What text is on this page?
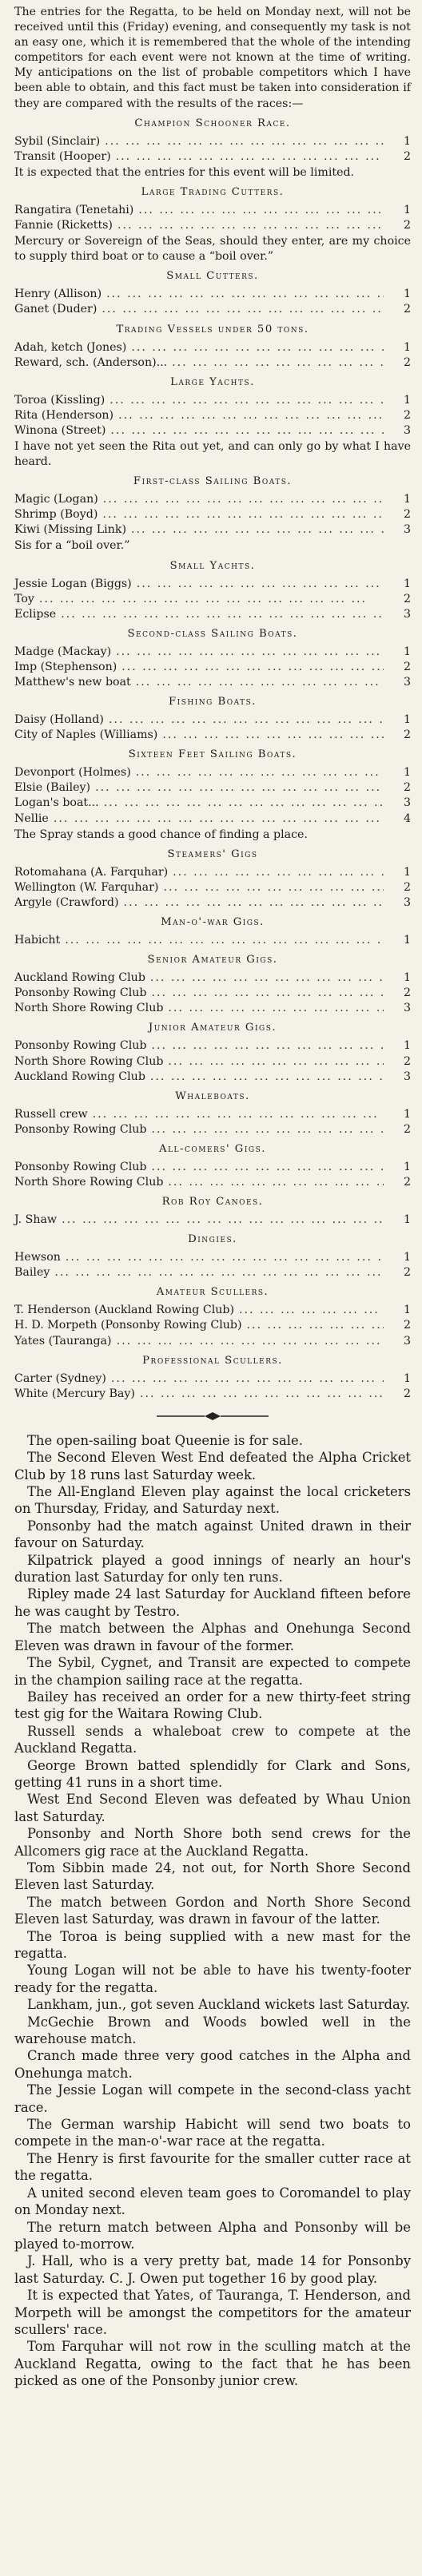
The entries for the Regatta, to be held on Monday next, will not be received until this (Friday) evening, and consequently my task is not an easy one, which it is remembered that the whole of the intending competitors for each event were not known at the time of writing. My anticipations on the list of probable competitors which I have been able to obtain, and this fact must be taken into consideration if they are compared with the results of the races:—

Champion Schooner Race.
Sybil (Sinclair) ... .	1
Transit (Hooper) ... .	2

It is expected that the entries for this event will be limited.

Large Trading Cutters.
Rangatira (Tenetahi) ... .	1
Fannie (Ricketts) ... .	2

Mercury or Sovereign of the Seas, should they enter, are my choice to supply third boat or to cause a “boil over.”

Small Cutters.
Henry (Allison) ... .	1
Ganet (Duder) ... .	2
Trading Vessels under 50 tons.
Adah, ketch (Jones) ... .	1
Reward, sch. (Anderson)... ... .	2
Large Yachts.
Toroa (Kissling) ... .	1
Rita (Henderson) ... .	2
Winona (Street) ... .	3

I have not yet seen the Rita out yet, and can only go by what I have heard.

First-class Sailing Boats.
Magic (Logan) ... .	1
Shrimp (Boyd) ... .	2
Kiwi (Missing Link) ... .	3

Sis for a “boil over.”

Small Yachts.
Jessie Logan (Biggs) ... .	1
Toy ... .	2
Eclipse ... .	3
Second-class Sailing Boats.
Madge (Mackay) ... .	1
Imp (Stephenson) ... .	2
Matthew's new boat ... .	3
Fishing Boats.
Daisy (Holland) ... .	1
City of Naples (Williams) ... .	2
Sixteen Feet Sailing Boats.
Devonport (Holmes) ... .	1
Elsie (Bailey) ... .	2
Logan's boat... ... .	3
Nellie ... .	4

The Spray stands a good chance of finding a place.

Steamers' Gigs
Rotomahana (A. Farquhar) ... .	1
Wellington (W. Farquhar) ... .	2
Argyle (Crawford) ... .	3
Man-o'-war Gigs.
Habicht ... .	1
Senior Amateur Gigs.
Auckland Rowing Club ... .	1
Ponsonby Rowing Club ... .	2
North Shore Rowing Club ... .	3
Junior Amateur Gigs.
Ponsonby Rowing Club ... .	1
North Shore Rowing Club ... .	2
Auckland Rowing Club ... .	3
Whaleboats.
Russell crew ... .	1
Ponsonby Rowing Club ... .	2
All-comers' Gigs.
Ponsonby Rowing Club ... .	1
North Shore Rowing Club ... .	2
Rob Roy Canoes.
J. Shaw ... .	1
Dingies.
Hewson ... .	1
Bailey ... .	2
Amateur Scullers.
T. Henderson (Auckland Rowing Club) ... .	1
H. D. Morpeth (Ponsonby Rowing Club) ... .	2
Yates (Tauranga) ... .	3
Professional Scullers.
Carter (Sydney) ... .	1
White (Mercury Bay) ... .	2

The open-sailing boat Queenie is for sale.

The Second Eleven West End defeated the Alpha Cricket Club by 18 runs last Saturday week.

The All-England Eleven play against the local cricketers on Thursday, Friday, and Saturday next.

Ponsonby had the match against United drawn in their favour on Saturday.

Kilpatrick played a good innings of nearly an hour's duration last Saturday for only ten runs.

Ripley made 24 last Saturday for Auckland fifteen before he was caught by Testro.

The match between the Alphas and Onehunga Second Eleven was drawn in favour of the former.

The Sybil, Cygnet, and Transit are expected to compete in the champion sailing race at the regatta.

Bailey has received an order for a new thirty-feet string test gig for the Waitara Rowing Club.

Russell sends a whaleboat crew to compete at the Auckland Regatta.

George Brown batted splendidly for Clark and Sons, getting 41 runs in a short time.

West End Second Eleven was defeated by Whau Union last Saturday.

Ponsonby and North Shore both send crews for the Allcomers gig race at the Auckland Regatta.

Tom Sibbin made 24, not out, for North Shore Second Eleven last Saturday.

The match between Gordon and North Shore Second Eleven last Saturday, was drawn in favour of the latter.

The Toroa is being supplied with a new mast for the regatta.

Young Logan will not be able to have his twenty-footer ready for the regatta.

Lankham, jun., got seven Auckland wickets last Saturday.

McGechie Brown and Woods bowled well in the warehouse match.

Cranch made three very good catches in the Alpha and Onehunga match.

The Jessie Logan will compete in the second-class yacht race.

The German warship Habicht will send two boats to compete in the man-o'-war race at the regatta.

The Henry is first favourite for the smaller cutter race at the regatta.

A united second eleven team goes to Coromandel to play on Monday next.

The return match between Alpha and Ponsonby will be played to-morrow.

J. Hall, who is a very pretty bat, made 14 for Ponsonby last Saturday. C. J. Owen put together 16 by good play.

It is expected that Yates, of Tauranga, T. Henderson, and Morpeth will be amongst the competitors for the amateur scullers' race.

Tom Farquhar will not row in the sculling match at the Auckland Regatta, owing to the fact that he has been picked as one of the Ponsonby junior crew.
